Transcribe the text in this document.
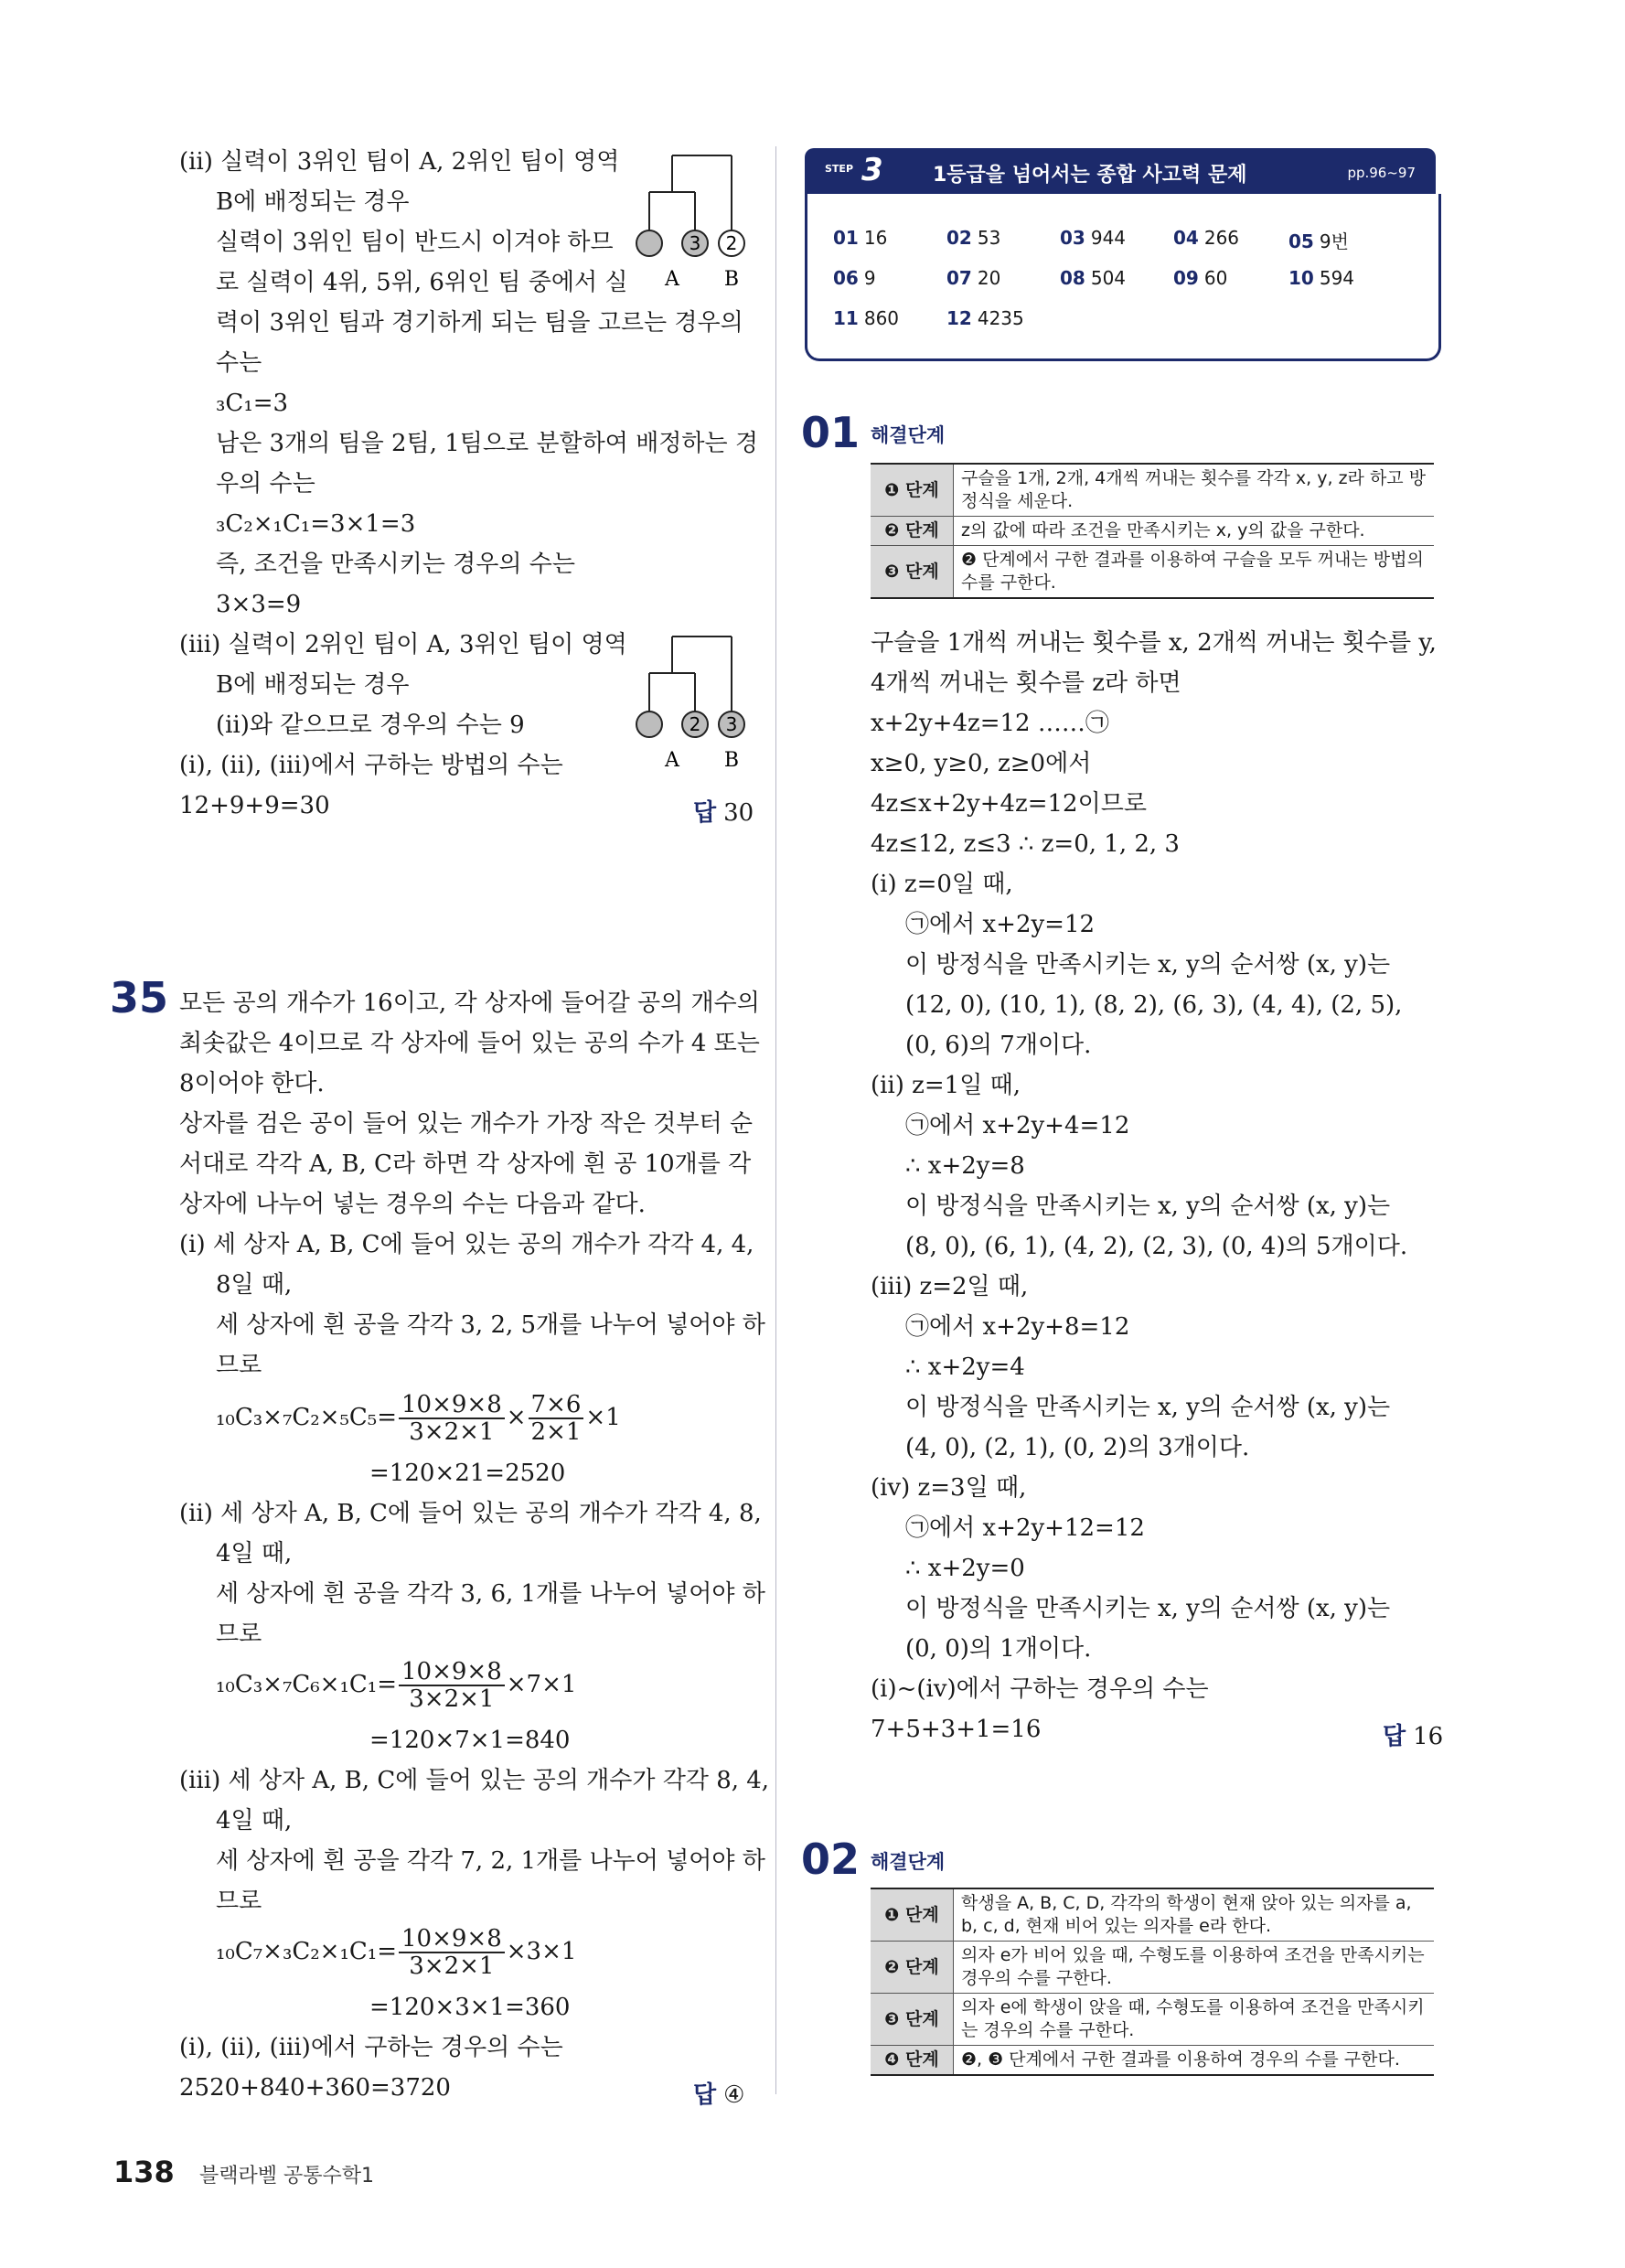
(ⅱ) 실력이 3위인 팀이 A, 2위인 팀이 영역
B에 배정되는 경우
실력이 3위인 팀이 반드시 이겨야 하므
로 실력이 4위, 5위, 6위인 팀 중에서 실
력이 3위인 팀과 경기하게 되는 팀을 고르는 경우의
수는
₃C₁=3
남은 3개의 팀을 2팀, 1팀으로 분할하여 배정하는 경
우의 수는
₃C₂×₁C₁=3×1=3
즉, 조건을 만족시키는 경우의 수는
3×3=9
(ⅲ) 실력이 2위인 팀이 A, 3위인 팀이 영역
B에 배정되는 경우
(ⅱ)와 같으므로 경우의 수는 9
(ⅰ), (ⅱ), (ⅲ)에서 구하는 방법의 수는
12+9+9=30	답 30
3 2
A B
2 3
A B
35 모든 공의 개수가 16이고, 각 상자에 들어갈 공의 개수의
최솟값은 4이므로 각 상자에 들어 있는 공의 수가 4 또는
8이어야 한다.
상자를 검은 공이 들어 있는 개수가 가장 작은 것부터 순
서대로 각각 A, B, C라 하면 각 상자에 흰 공 10개를 각
상자에 나누어 넣는 경우의 수는 다음과 같다.
(ⅰ) 세 상자 A, B, C에 들어 있는 공의 개수가 각각 4, 4,
8일 때,
세 상자에 흰 공을 각각 3, 2, 5개를 나누어 넣어야 하
므로
$_{10}C_3\times_7C_2\times_5C_5= \frac{10\times 9\times 8}{3\times 2\times 1} \times \frac{7\times 6}{2\times 1} \times 1$
=120×21=2520
(ⅱ) 세 상자 A, B, C에 들어 있는 공의 개수가 각각 4, 8,
4일 때,
세 상자에 흰 공을 각각 3, 6, 1개를 나누어 넣어야 하
므로
$_{10}C_3\times_7C_6\times_1C_1= \frac{10\times 9\times 8}{3\times 2\times 1} \times 7\times 1$
=120×7×1=840
(ⅲ) 세 상자 A, B, C에 들어 있는 공의 개수가 각각 8, 4,
4일 때,
세 상자에 흰 공을 각각 7, 2, 1개를 나누어 넣어야 하
므로
$_{10}C_7\times_3C_2\times_1C_1= \frac{10\times 9\times 8}{3\times 2\times 1} \times 3\times 1$
=120×3×1=360
(ⅰ), (ⅱ), (ⅲ)에서 구하는 경우의 수는
2520+840+360=3720	답 ④
STEP 3 1등급을 넘어서는 종합 사고력 문제	pp.96~97
01 16	02 53	03 944	04 266	05 9번
06 9	07 20	08 504	09 60	10 594
11 860	12 4235
01 해결단계
❶ 단계	구슬을 1개, 2개, 4개씩 꺼내는 횟수를 각각 x, y, z라 하고 방정식을 세운다.
❷ 단계	z의 값에 따라 조건을 만족시키는 x, y의 값을 구한다.
❸ 단계	❷ 단계에서 구한 결과를 이용하여 구슬을 모두 꺼내는 방법의 수를 구한다.
구슬을 1개씩 꺼내는 횟수를 x, 2개씩 꺼내는 횟수를 y,
4개씩 꺼내는 횟수를 z라 하면
x+2y+4z=12 ……㉠
x≥0, y≥0, z≥0에서
4z≤x+2y+4z=12이므로
4z≤12, z≤3 ∴ z=0, 1, 2, 3
(ⅰ) z=0일 때,
㉠에서 x+2y=12
이 방정식을 만족시키는 x, y의 순서쌍 (x, y)는
(12, 0), (10, 1), (8, 2), (6, 3), (4, 4), (2, 5),
(0, 6)의 7개이다.
(ⅱ) z=1일 때,
㉠에서 x+2y+4=12
∴ x+2y=8
이 방정식을 만족시키는 x, y의 순서쌍 (x, y)는
(8, 0), (6, 1), (4, 2), (2, 3), (0, 4)의 5개이다.
(ⅲ) z=2일 때,
㉠에서 x+2y+8=12
∴ x+2y=4
이 방정식을 만족시키는 x, y의 순서쌍 (x, y)는
(4, 0), (2, 1), (0, 2)의 3개이다.
(ⅳ) z=3일 때,
㉠에서 x+2y+12=12
∴ x+2y=0
이 방정식을 만족시키는 x, y의 순서쌍 (x, y)는
(0, 0)의 1개이다.
(ⅰ)~(ⅳ)에서 구하는 경우의 수는
7+5+3+1=16	답 16
02 해결단계
❶ 단계	학생을 A, B, C, D, 각각의 학생이 현재 앉아 있는 의자를 a, b, c, d, 현재 비어 있는 의자를 e라 한다.
❷ 단계	의자 e가 비어 있을 때, 수형도를 이용하여 조건을 만족시키는 경우의 수를 구한다.
❸ 단계	의자 e에 학생이 앉을 때, 수형도를 이용하여 조건을 만족시키는 경우의 수를 구한다.
❹ 단계	❷, ❸ 단계에서 구한 결과를 이용하여 경우의 수를 구한다.
138 블랙라벨 공통수학1
